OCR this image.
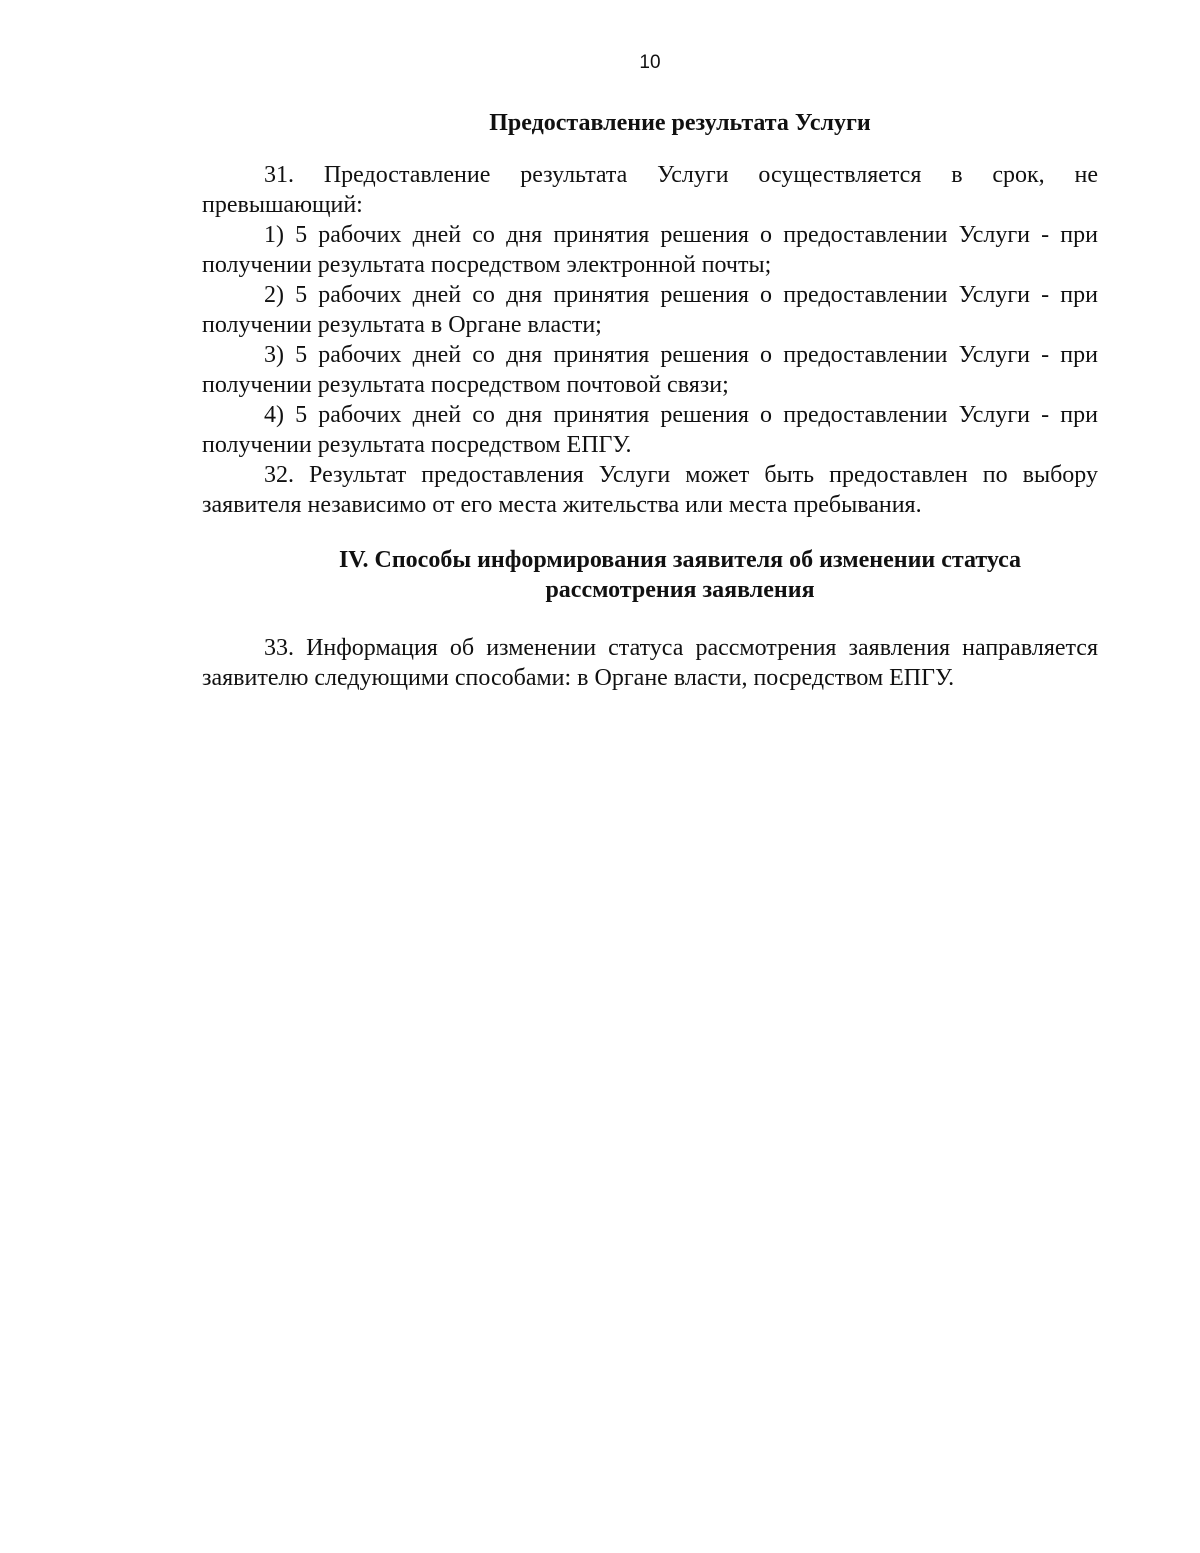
10
Предоставление результата Услуги

31. Предоставление результата Услуги осуществляется в срок, не превышающий:

1) 5 рабочих дней со дня принятия решения о предоставлении Услуги - при получении результата посредством электронной почты;

2) 5 рабочих дней со дня принятия решения о предоставлении Услуги - при получении результата в Органе власти;

3) 5 рабочих дней со дня принятия решения о предоставлении Услуги - при получении результата посредством почтовой связи;

4) 5 рабочих дней со дня принятия решения о предоставлении Услуги - при получении результата посредством ЕПГУ.

32. Результат предоставления Услуги может быть предоставлен по выбору заявителя независимо от его места жительства или места пребывания.

IV. Способы информирования заявителя об изменении статуса
рассмотрения заявления

33. Информация об изменении статуса рассмотрения заявления направляется заявителю следующими способами: в Органе власти, посредством ЕПГУ.
